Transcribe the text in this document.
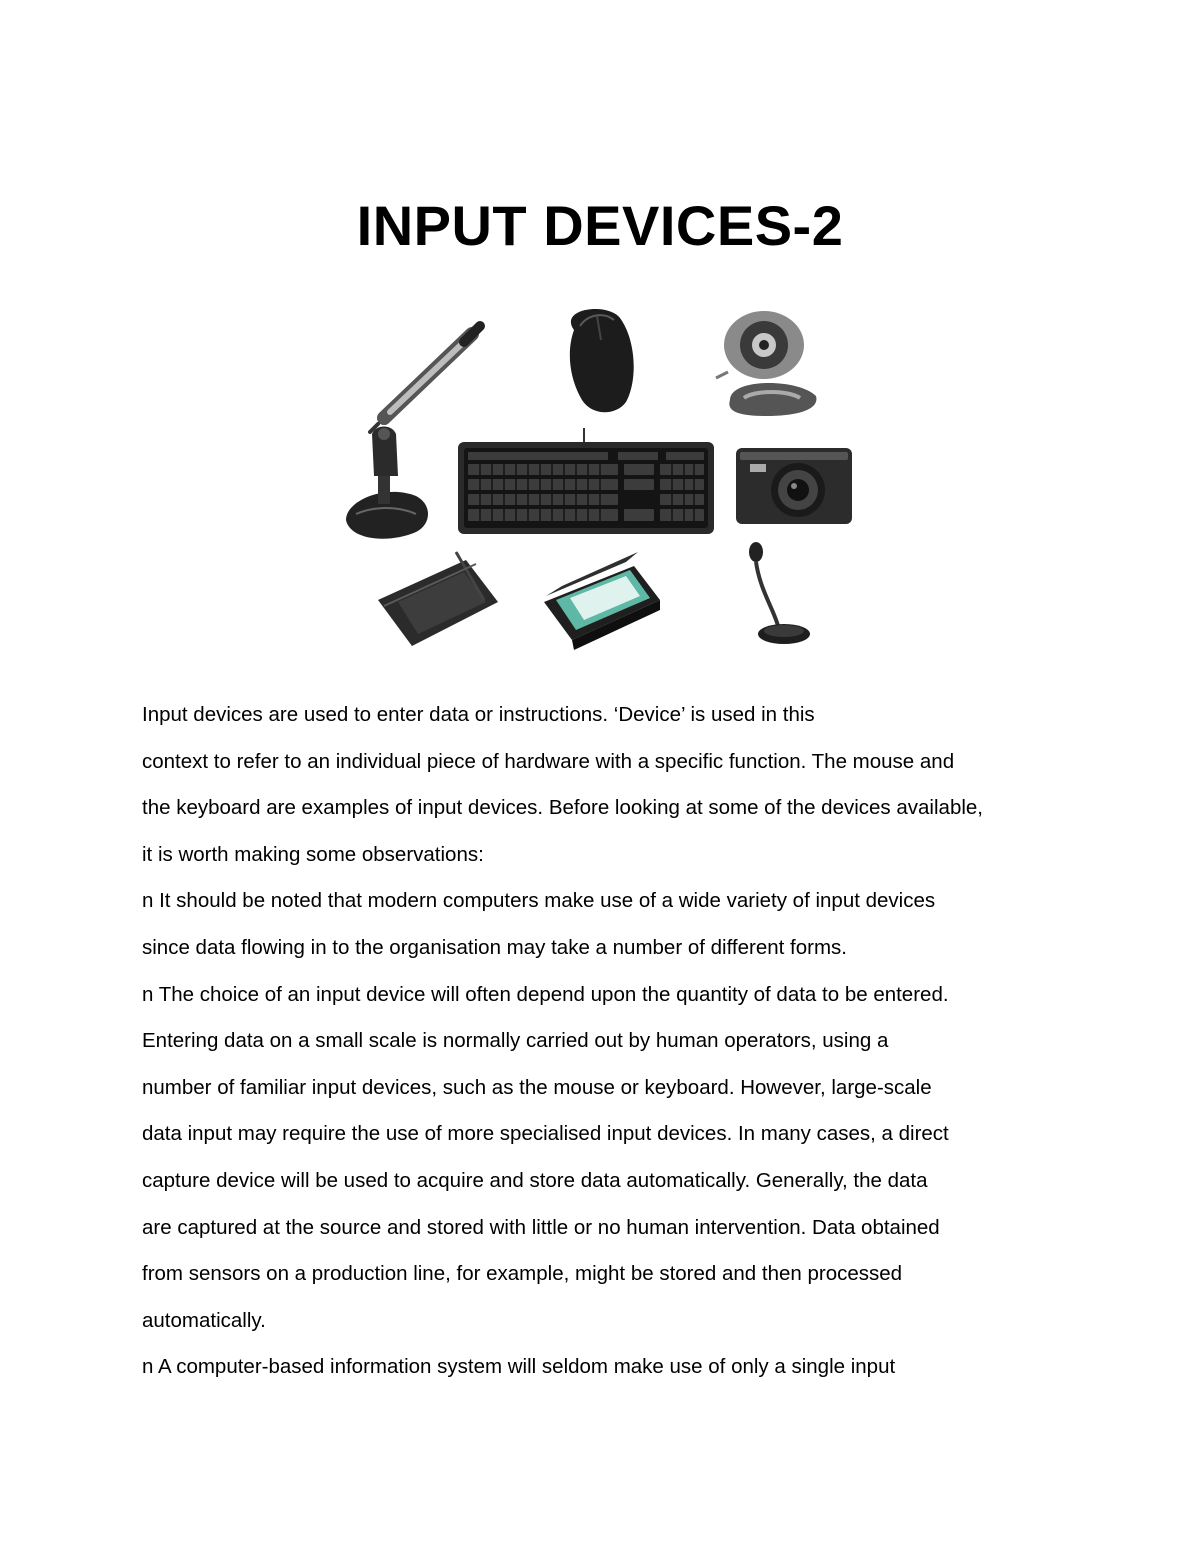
INPUT DEVICES-2
Input devices are used to enter data or instructions. ‘Device’ is used in this
context to refer to an individual piece of hardware with a specific function. The mouse and
the keyboard are examples of input devices. Before looking at some of the devices available,
it is worth making some observations:
n It should be noted that modern computers make use of a wide variety of input devices
since data flowing in to the organisation may take a number of different forms.
n The choice of an input device will often depend upon the quantity of data to be entered.
Entering data on a small scale is normally carried out by human operators, using a
number of familiar input devices, such as the mouse or keyboard. However, large-scale
data input may require the use of more specialised input devices. In many cases, a direct
capture device will be used to acquire and store data automatically. Generally, the data
are captured at the source and stored with little or no human intervention. Data obtained
from sensors on a production line, for example, might be stored and then processed
automatically.
n A computer-based information system will seldom make use of only a single input
